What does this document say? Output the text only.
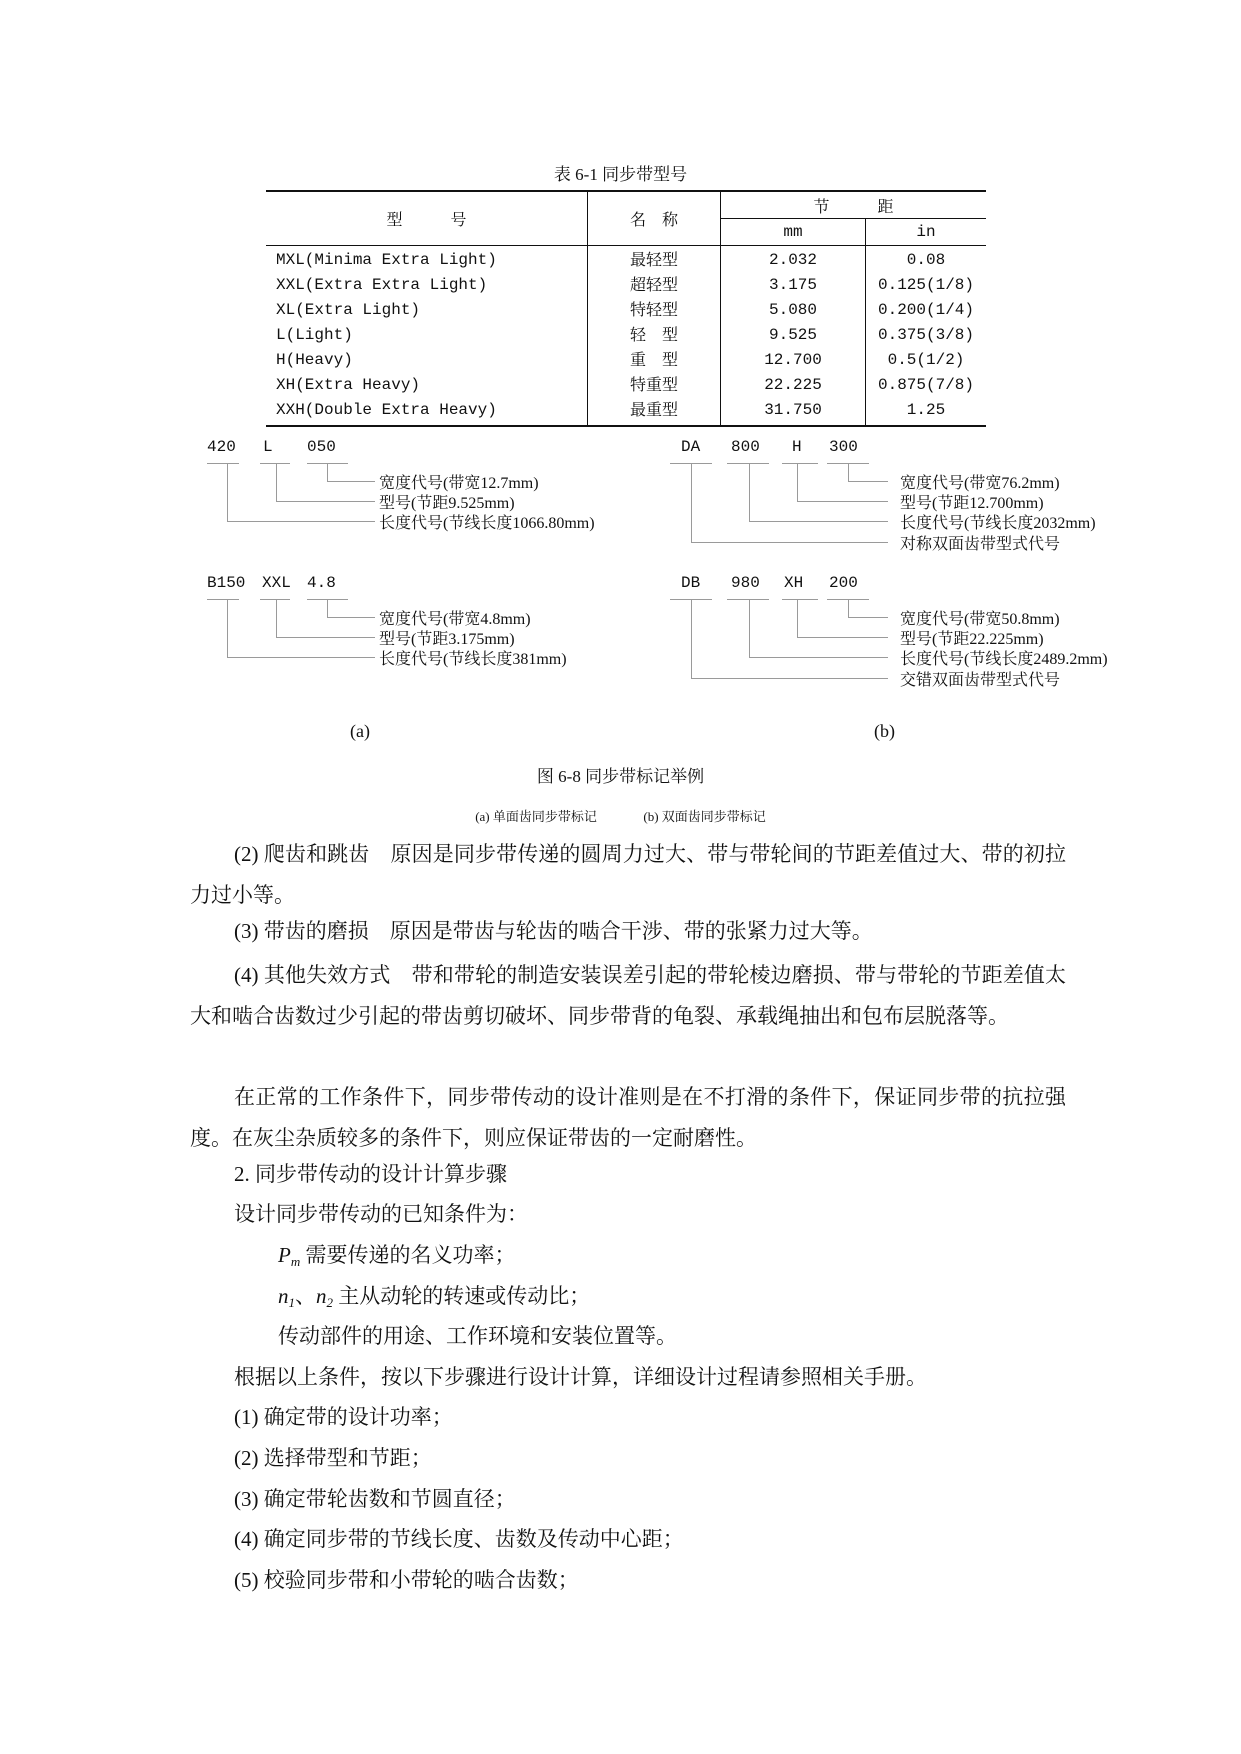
表 6-1 同步带型号
型　　　号	名　称	节　　　距	
		mm	in
MXL(Minima Extra Light)	最轻型	2.032	0.08
XXL(Extra Extra Light)	超轻型	3.175	0.125(1/8)
XL(Extra Light)	特轻型	5.080	0.200(1/4)
L(Light)	轻　型	9.525	0.375(3/8)
H(Heavy)	重　型	12.700	0.5(1/2)
XH(Extra Heavy)	特重型	22.225	0.875(7/8)
XXH(Double Extra Heavy)	最重型	31.750	1.25
420 L 050
宽度代号(带宽12.7mm)
型号(节距9.525mm)
长度代号(节线长度1066.80mm)
DA 800 H 300
宽度代号(带宽76.2mm)
型号(节距12.700mm)
长度代号(节线长度2032mm)
对称双面齿带型式代号
B150 XXL 4.8
宽度代号(带宽4.8mm)
型号(节距3.175mm)
长度代号(节线长度381mm)
DB 980 XH 200
宽度代号(带宽50.8mm)
型号(节距22.225mm)
长度代号(节线长度2489.2mm)
交错双面齿带型式代号
(a)	(b)
图 6-8 同步带标记举例
(a) 单面齿同步带标记	(b) 双面齿同步带标记
(2) 爬齿和跳齿　原因是同步带传递的圆周力过大、带与带轮间的节距差值过大、带的初拉力过小等。
(3) 带齿的磨损　原因是带齿与轮齿的啮合干涉、带的张紧力过大等。
(4) 其他失效方式　带和带轮的制造安装误差引起的带轮棱边磨损、带与带轮的节距差值太大和啮合齿数过少引起的带齿剪切破坏、同步带背的龟裂、承载绳抽出和包布层脱落等。
在正常的工作条件下，同步带传动的设计准则是在不打滑的条件下，保证同步带的抗拉强度。在灰尘杂质较多的条件下，则应保证带齿的一定耐磨性。
2. 同步带传动的设计计算步骤
设计同步带传动的已知条件为：
$P_m$ 需要传递的名义功率；
$n_1$、$n_2$ 主从动轮的转速或传动比；
传动部件的用途、工作环境和安装位置等。
根据以上条件，按以下步骤进行设计计算，详细设计过程请参照相关手册。
(1) 确定带的设计功率；
(2) 选择带型和节距；
(3) 确定带轮齿数和节圆直径；
(4) 确定同步带的节线长度、齿数及传动中心距；
(5) 校验同步带和小带轮的啮合齿数；
